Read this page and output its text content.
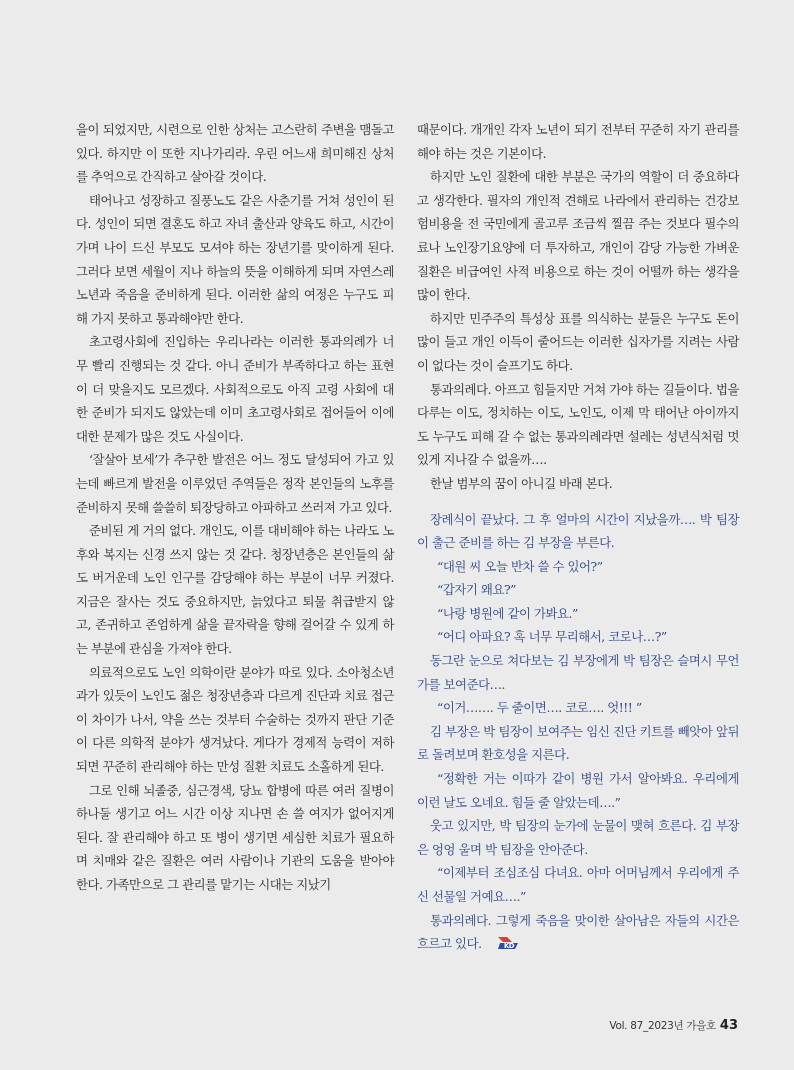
을이 되었지만, 시련으로 인한 상처는 고스란히 주변을 맴돌고 있다. 하지만 이 또한 지나가리라. 우린 어느새 희미해진 상처를 추억으로 간직하고 살아갈 것이다.

태어나고 성장하고 질풍노도 같은 사춘기를 거쳐 성인이 된다. 성인이 되면 결혼도 하고 자녀 출산과 양육도 하고, 시간이 가며 나이 드신 부모도 모셔야 하는 장년기를 맞이하게 된다. 그러다 보면 세월이 지나 하늘의 뜻을 이해하게 되며 자연스레 노년과 죽음을 준비하게 된다. 이러한 삶의 여정은 누구도 피해 가지 못하고 통과해야만 한다.

초고령사회에 진입하는 우리나라는 이러한 통과의례가 너무 빨리 진행되는 것 같다. 아니 준비가 부족하다고 하는 표현이 더 맞을지도 모르겠다. 사회적으로도 아직 고령 사회에 대한 준비가 되지도 않았는데 이미 초고령사회로 접어들어 이에 대한 문제가 많은 것도 사실이다.

‘잘살아 보세’가 추구한 발전은 어느 정도 달성되어 가고 있는데 빠르게 발전을 이루었던 주역들은 정작 본인들의 노후를 준비하지 못해 쓸쓸히 퇴장당하고 아파하고 쓰러져 가고 있다.

준비된 게 거의 없다. 개인도, 이를 대비해야 하는 나라도 노후와 복지는 신경 쓰지 않는 것 같다. 청장년층은 본인들의 삶도 버거운데 노인 인구를 감당해야 하는 부분이 너무 커졌다. 지금은 잘사는 것도 중요하지만, 늙었다고 퇴물 취급받지 않고, 존귀하고 존엄하게 삶을 끝자락을 향해 걸어갈 수 있게 하는 부분에 관심을 가져야 한다.

의료적으로도 노인 의학이란 분야가 따로 있다. 소아청소년과가 있듯이 노인도 젊은 청장년층과 다르게 진단과 치료 접근이 차이가 나서, 약을 쓰는 것부터 수술하는 것까지 판단 기준이 다른 의학적 분야가 생겨났다. 게다가 경제적 능력이 저하되면 꾸준히 관리해야 하는 만성 질환 치료도 소홀하게 된다.

그로 인해 뇌졸중, 심근경색, 당뇨 합병에 따른 여러 질병이 하나둘 생기고 어느 시간 이상 지나면 손 쓸 여지가 없어지게 된다. 잘 관리해야 하고 또 병이 생기면 세심한 치료가 필요하며 치매와 같은 질환은 여러 사람이나 기관의 도움을 받아야 한다. 가족만으로 그 관리를 맡기는 시대는 지났기

때문이다. 개개인 각자 노년이 되기 전부터 꾸준히 자기 관리를 해야 하는 것은 기본이다.

하지만 노인 질환에 대한 부분은 국가의 역할이 더 중요하다고 생각한다. 필자의 개인적 견해로 나라에서 관리하는 건강보험비용을 전 국민에게 골고루 조금씩 찔끔 주는 것보다 필수의료나 노인장기요양에 더 투자하고, 개인이 감당 가능한 가벼운 질환은 비급여인 사적 비용으로 하는 것이 어떨까 하는 생각을 많이 한다.

하지만 민주주의 특성상 표를 의식하는 분들은 누구도 돈이 많이 들고 개인 이득이 줄어드는 이러한 십자가를 지려는 사람이 없다는 것이 슬프기도 하다.

통과의례다. 아프고 힘들지만 거쳐 가야 하는 길들이다. 법을 다루는 이도, 정치하는 이도, 노인도, 이제 막 태어난 아이까지도 누구도 피해 갈 수 없는 통과의례라면 설레는 성년식처럼 멋있게 지나갈 수 없을까….

한날 범부의 꿈이 아니길 바래 본다.

장례식이 끝났다. 그 후 얼마의 시간이 지났을까…. 박 팀장이 출근 준비를 하는 김 부장을 부른다.

“대원 씨 오늘 반차 쓸 수 있어?”

“갑자기 왜요?”

“나랑 병원에 같이 가봐요.”

“어디 아파요? 혹 너무 무리해서, 코로나…?”

동그란 눈으로 쳐다보는 김 부장에게 박 팀장은 슬며시 무언가를 보여준다….

“이거……. 두 줄이면…. 코로…. 엇!!! ”

김 부장은 박 팀장이 보여주는 임신 진단 키트를 빼앗아 앞뒤로 돌려보며 환호성을 지른다.

“정확한 거는 이따가 같이 병원 가서 알아봐요. 우리에게 이런 날도 오네요. 힘들 줄 알았는데….”

웃고 있지만, 박 팀장의 눈가에 눈물이 맺혀 흐른다. 김 부장은 엉엉 울며 박 팀장을 안아준다.

“이제부터 조심조심 다녀요. 아마 어머님께서 우리에게 주신 선물일 거예요….”

통과의례다. 그렇게 죽음을 맞이한 살아남은 자들의 시간은 흐르고 있다.	KD

Vol. 87_2023년 가을호 43
